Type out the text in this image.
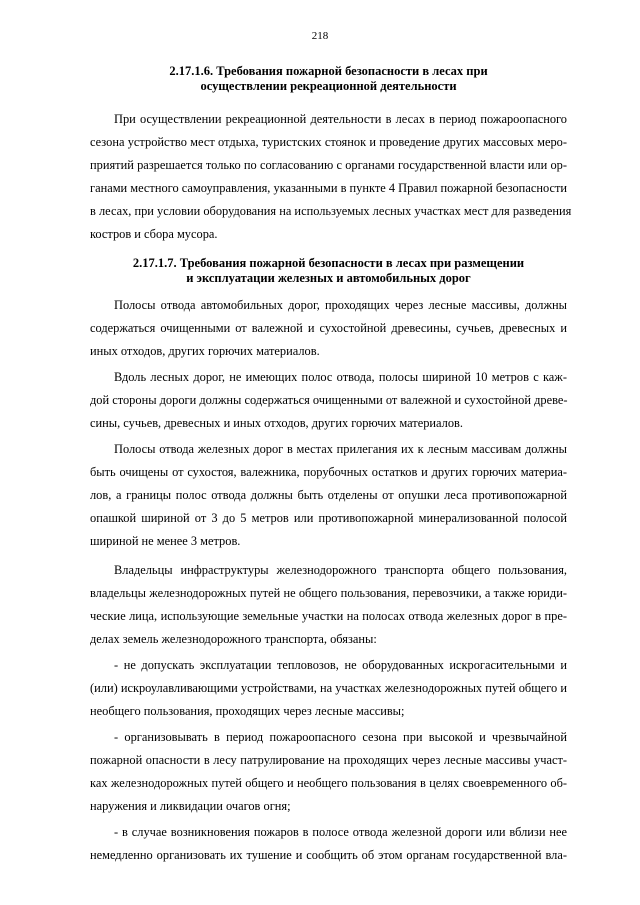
218
2.17.1.6. Требования пожарной безопасности в лесах при
осуществлении рекреационной деятельности
При осуществлении рекреационной деятельности в лесах в период пожароопасного
сезона устройство мест отдыха, туристских стоянок и проведение других массовых меро-
приятий разрешается только по согласованию с органами государственной власти или ор-
ганами местного самоуправления, указанными в пункте 4 Правил пожарной безопасности
в лесах, при условии оборудования на используемых лесных участках мест для разведения
костров и сбора мусора.
2.17.1.7. Требования пожарной безопасности в лесах при размещении
и эксплуатации железных и автомобильных дорог
Полосы отвода автомобильных дорог, проходящих через лесные массивы, должны
содержаться очищенными от валежной и сухостойной древесины, сучьев, древесных и
иных отходов, других горючих материалов.
Вдоль лесных дорог, не имеющих полос отвода, полосы шириной 10 метров с каж-
дой стороны дороги должны содержаться очищенными от валежной и сухостойной древе-
сины, сучьев, древесных и иных отходов, других горючих материалов.
Полосы отвода железных дорог в местах прилегания их к лесным массивам должны
быть очищены от сухостоя, валежника, порубочных остатков и других горючих материа-
лов, а границы полос отвода должны быть отделены от опушки леса противопожарной
опашкой шириной от 3 до 5 метров или противопожарной минерализованной полосой
шириной не менее 3 метров.
Владельцы инфраструктуры железнодорожного транспорта общего пользования,
владельцы железнодорожных путей не общего пользования, перевозчики, а также юриди-
ческие лица, использующие земельные участки на полосах отвода железных дорог в пре-
делах земель железнодорожного транспорта, обязаны:
- не допускать эксплуатации тепловозов, не оборудованных искрогасительными и
(или) искроулавливающими устройствами, на участках железнодорожных путей общего и
необщего пользования, проходящих через лесные массивы;
- организовывать в период пожароопасного сезона при высокой и чрезвычайной
пожарной опасности в лесу патрулирование на проходящих через лесные массивы участ-
ках железнодорожных путей общего и необщего пользования в целях своевременного об-
наружения и ликвидации очагов огня;
- в случае возникновения пожаров в полосе отвода железной дороги или вблизи нее
немедленно организовать их тушение и сообщить об этом органам государственной вла-
